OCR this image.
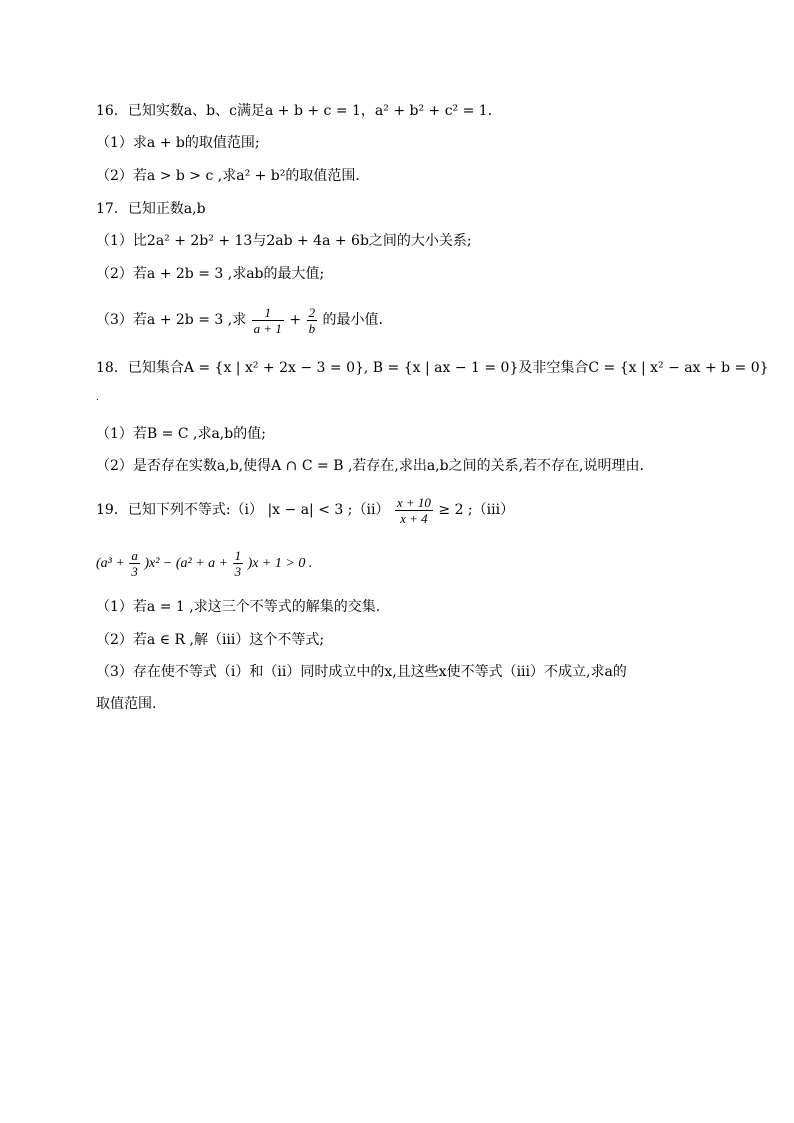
16．已知实数a、b、c满足a + b + c = 1，a² + b² + c² = 1．
（1）求a + b的取值范围;
（2）若a > b > c ,求a² + b²的取值范围.
17．已知正数a,b
（1）比2a² + 2b² + 13与2ab + 4a + 6b之间的大小关系;
（2）若a + 2b = 3 ,求ab的最大值;
（3）若a + 2b = 3 ,求 $\frac{1}{a + 1} + \frac{2}{b}$ 的最小值.
18．已知集合A = {x | x² + 2x − 3 = 0}, B = {x | ax − 1 = 0}及非空集合C = {x | x² − ax + b = 0}
.
（1）若B = C ,求a,b的值;
（2）是否存在实数a,b,使得A ∩ C = B ,若存在,求出a,b之间的关系,若不存在,说明理由.
19．已知下列不等式:（i） |x − a| < 3 ;（ii） $\frac{x + 10}{x + 4} \ge 2$ ;（iii）
$(a^3 + \frac{a}{3} )x^2 - (a^2 + a + \frac{1}{3} )x + 1 > 0$ .
（1）若a = 1 ,求这三个不等式的解集的交集.
（2）若a ∈ R ,解（iii）这个不等式;
（3）存在使不等式（i）和（ii）同时成立中的x,且这些x使不等式（iii）不成立,求a的
取值范围.
